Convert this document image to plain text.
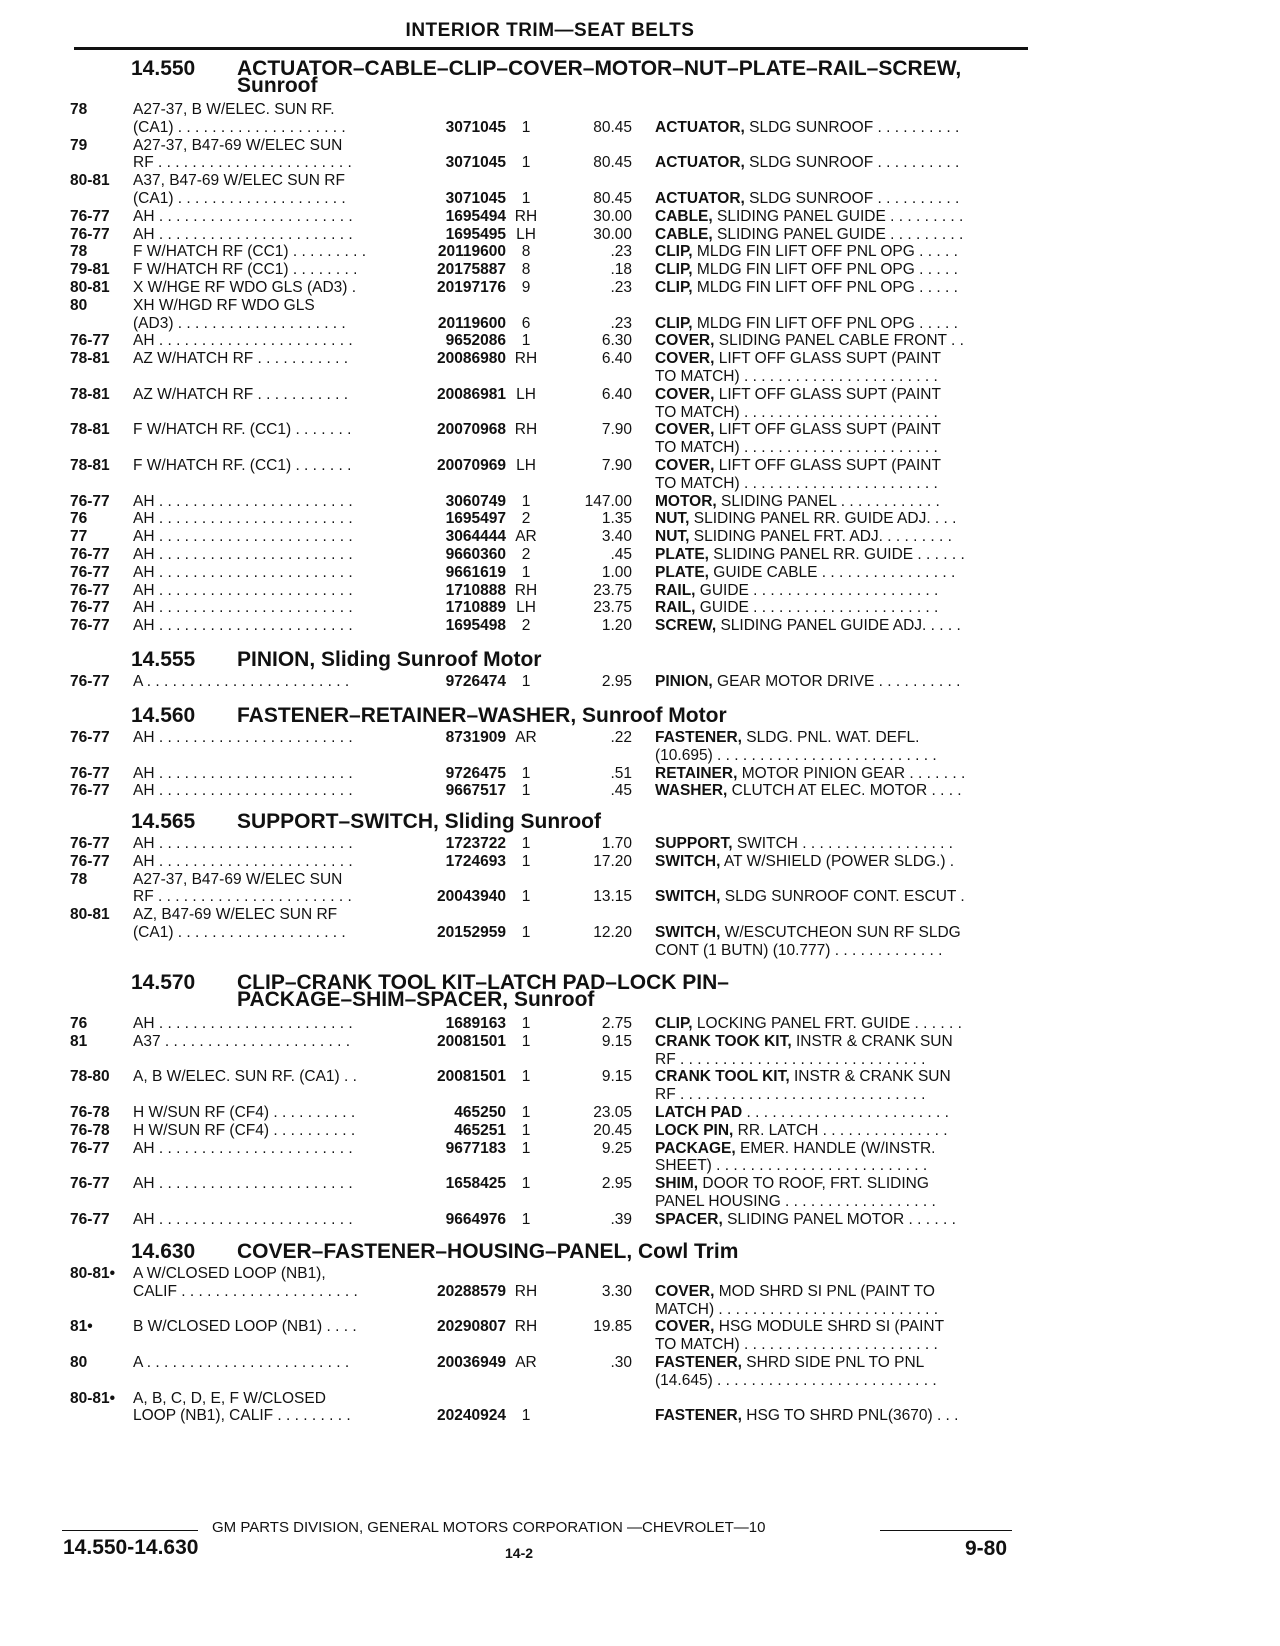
INTERIOR TRIM—SEAT BELTS
14.550 ACTUATOR–CABLE–CLIP–COVER–MOTOR–NUT–PLATE–RAIL–SCREW,
Sunroof
78	A27-37, B W/ELEC. SUN RF.
(CA1) . . . . . . . . . . . . . . . . . . . .	3071045	1	80.45 ACTUATOR, SLDG SUNROOF . . . . . . . . . .
79	A27-37, B47-69 W/ELEC SUN
RF . . . . . . . . . . . . . . . . . . . . . . .	3071045	1	80.45 ACTUATOR, SLDG SUNROOF . . . . . . . . . .
80-81	A37, B47-69 W/ELEC SUN RF
(CA1) . . . . . . . . . . . . . . . . . . . .	3071045	1	80.45 ACTUATOR, SLDG SUNROOF . . . . . . . . . .
76-77	AH . . . . . . . . . . . . . . . . . . . . . . .	1695494 RH	30.00 CABLE, SLIDING PANEL GUIDE . . . . . . . . .
76-77	AH . . . . . . . . . . . . . . . . . . . . . . .	1695495 LH	30.00 CABLE, SLIDING PANEL GUIDE . . . . . . . . .
78	F W/HATCH RF (CC1) . . . . . . . . .	20119600	8	.23 CLIP, MLDG FIN LIFT OFF PNL OPG . . . . .
79-81	F W/HATCH RF (CC1) . . . . . . . .	20175887	8	.18 CLIP, MLDG FIN LIFT OFF PNL OPG . . . . .
80-81	X W/HGE RF WDO GLS (AD3) .	20197176	9	.23 CLIP, MLDG FIN LIFT OFF PNL OPG . . . . .
80	XH W/HGD RF WDO GLS
(AD3) . . . . . . . . . . . . . . . . . . . .	20119600	6	.23 CLIP, MLDG FIN LIFT OFF PNL OPG . . . . .
76-77	AH . . . . . . . . . . . . . . . . . . . . . . .	9652086	1	6.30 COVER, SLIDING PANEL CABLE FRONT . .
78-81	AZ W/HATCH RF . . . . . . . . . . .	20086980 RH	6.40 COVER, LIFT OFF GLASS SUPT (PAINT
TO MATCH) . . . . . . . . . . . . . . . . . . . . . . .
78-81	AZ W/HATCH RF . . . . . . . . . . .	20086981 LH	6.40 COVER, LIFT OFF GLASS SUPT (PAINT
TO MATCH) . . . . . . . . . . . . . . . . . . . . . . .
78-81	F W/HATCH RF. (CC1) . . . . . . .	20070968 RH	7.90 COVER, LIFT OFF GLASS SUPT (PAINT
TO MATCH) . . . . . . . . . . . . . . . . . . . . . . .
78-81	F W/HATCH RF. (CC1) . . . . . . .	20070969 LH	7.90 COVER, LIFT OFF GLASS SUPT (PAINT
TO MATCH) . . . . . . . . . . . . . . . . . . . . . . .
76-77	AH . . . . . . . . . . . . . . . . . . . . . . .	3060749	1	147.00 MOTOR, SLIDING PANEL . . . . . . . . . . . .
76	AH . . . . . . . . . . . . . . . . . . . . . . .	1695497	2	1.35 NUT, SLIDING PANEL RR. GUIDE ADJ. . . .
77	AH . . . . . . . . . . . . . . . . . . . . . . .	3064444 AR	3.40 NUT, SLIDING PANEL FRT. ADJ. . . . . . . . .
76-77	AH . . . . . . . . . . . . . . . . . . . . . . .	9660360	2	.45 PLATE, SLIDING PANEL RR. GUIDE . . . . . .
76-77	AH . . . . . . . . . . . . . . . . . . . . . . .	9661619	1	1.00 PLATE, GUIDE CABLE . . . . . . . . . . . . . . . .
76-77	AH . . . . . . . . . . . . . . . . . . . . . . .	1710888 RH	23.75 RAIL, GUIDE . . . . . . . . . . . . . . . . . . . . . .
76-77	AH . . . . . . . . . . . . . . . . . . . . . . .	1710889 LH	23.75 RAIL, GUIDE . . . . . . . . . . . . . . . . . . . . . .
76-77	AH . . . . . . . . . . . . . . . . . . . . . . .	1695498	2	1.20 SCREW, SLIDING PANEL GUIDE ADJ. . . . .
14.555 PINION, Sliding Sunroof Motor
76-77	A . . . . . . . . . . . . . . . . . . . . . . . .	9726474	1	2.95 PINION, GEAR MOTOR DRIVE . . . . . . . . . .
14.560 FASTENER–RETAINER–WASHER, Sunroof Motor
76-77	AH . . . . . . . . . . . . . . . . . . . . . . .	8731909 AR	.22 FASTENER, SLDG. PNL. WAT. DEFL.
(10.695) . . . . . . . . . . . . . . . . . . . . . . . . . .
76-77	AH . . . . . . . . . . . . . . . . . . . . . . .	9726475	1	.51 RETAINER, MOTOR PINION GEAR . . . . . . .
76-77	AH . . . . . . . . . . . . . . . . . . . . . . .	9667517	1	.45 WASHER, CLUTCH AT ELEC. MOTOR . . . .
14.565 SUPPORT–SWITCH, Sliding Sunroof
76-77	AH . . . . . . . . . . . . . . . . . . . . . . .	1723722	1	1.70 SUPPORT, SWITCH . . . . . . . . . . . . . . . . . .
76-77	AH . . . . . . . . . . . . . . . . . . . . . . .	1724693	1	17.20 SWITCH, AT W/SHIELD (POWER SLDG.) .
78	A27-37, B47-69 W/ELEC SUN
RF . . . . . . . . . . . . . . . . . . . . . . .	20043940	1	13.15 SWITCH, SLDG SUNROOF CONT. ESCUT .
80-81	AZ, B47-69 W/ELEC SUN RF
(CA1) . . . . . . . . . . . . . . . . . . . .	20152959	1	12.20 SWITCH, W/ESCUTCHEON SUN RF SLDG
CONT (1 BUTN) (10.777) . . . . . . . . . . . . .
14.570 CLIP–CRANK TOOL KIT–LATCH PAD–LOCK PIN–
PACKAGE–SHIM–SPACER, Sunroof
76	AH . . . . . . . . . . . . . . . . . . . . . . .	1689163	1	2.75 CLIP, LOCKING PANEL FRT. GUIDE . . . . . .
81	A37 . . . . . . . . . . . . . . . . . . . . . .	20081501	1	9.15 CRANK TOOK KIT, INSTR & CRANK SUN
RF . . . . . . . . . . . . . . . . . . . . . . . . . . . . .
78-80	A, B W/ELEC. SUN RF. (CA1) . .	20081501	1	9.15 CRANK TOOL KIT, INSTR & CRANK SUN
RF . . . . . . . . . . . . . . . . . . . . . . . . . . . . .
76-78	H W/SUN RF (CF4) . . . . . . . . . .	465250	1	23.05 LATCH PAD . . . . . . . . . . . . . . . . . . . . . . . .
76-78	H W/SUN RF (CF4) . . . . . . . . . .	465251	1	20.45 LOCK PIN, RR. LATCH . . . . . . . . . . . . . . .
76-77	AH . . . . . . . . . . . . . . . . . . . . . . .	9677183	1	9.25 PACKAGE, EMER. HANDLE (W/INSTR.
SHEET) . . . . . . . . . . . . . . . . . . . . . . . . .
76-77	AH . . . . . . . . . . . . . . . . . . . . . . .	1658425	1	2.95 SHIM, DOOR TO ROOF, FRT. SLIDING
PANEL HOUSING . . . . . . . . . . . . . . . . . .
76-77	AH . . . . . . . . . . . . . . . . . . . . . . .	9664976	1	.39 SPACER, SLIDING PANEL MOTOR . . . . . .
14.630 COVER–FASTENER–HOUSING–PANEL, Cowl Trim
80-81•	A W/CLOSED LOOP (NB1),
CALIF . . . . . . . . . . . . . . . . . . . . .	20288579 RH	3.30 COVER, MOD SHRD SI PNL (PAINT TO
MATCH) . . . . . . . . . . . . . . . . . . . . . . . . . .
81•	B W/CLOSED LOOP (NB1) . . . .	20290807 RH	19.85 COVER, HSG MODULE SHRD SI (PAINT
TO MATCH) . . . . . . . . . . . . . . . . . . . . . . .
80	A . . . . . . . . . . . . . . . . . . . . . . . .	20036949 AR	.30 FASTENER, SHRD SIDE PNL TO PNL
(14.645) . . . . . . . . . . . . . . . . . . . . . . . . . .
80-81•	A, B, C, D, E, F W/CLOSED
LOOP (NB1), CALIF . . . . . . . . .	20240924	1	FASTENER, HSG TO SHRD PNL(3670) . . .
GM PARTS DIVISION, GENERAL MOTORS CORPORATION —CHEVROLET—10
14.550-14.630	14-2	9-80
